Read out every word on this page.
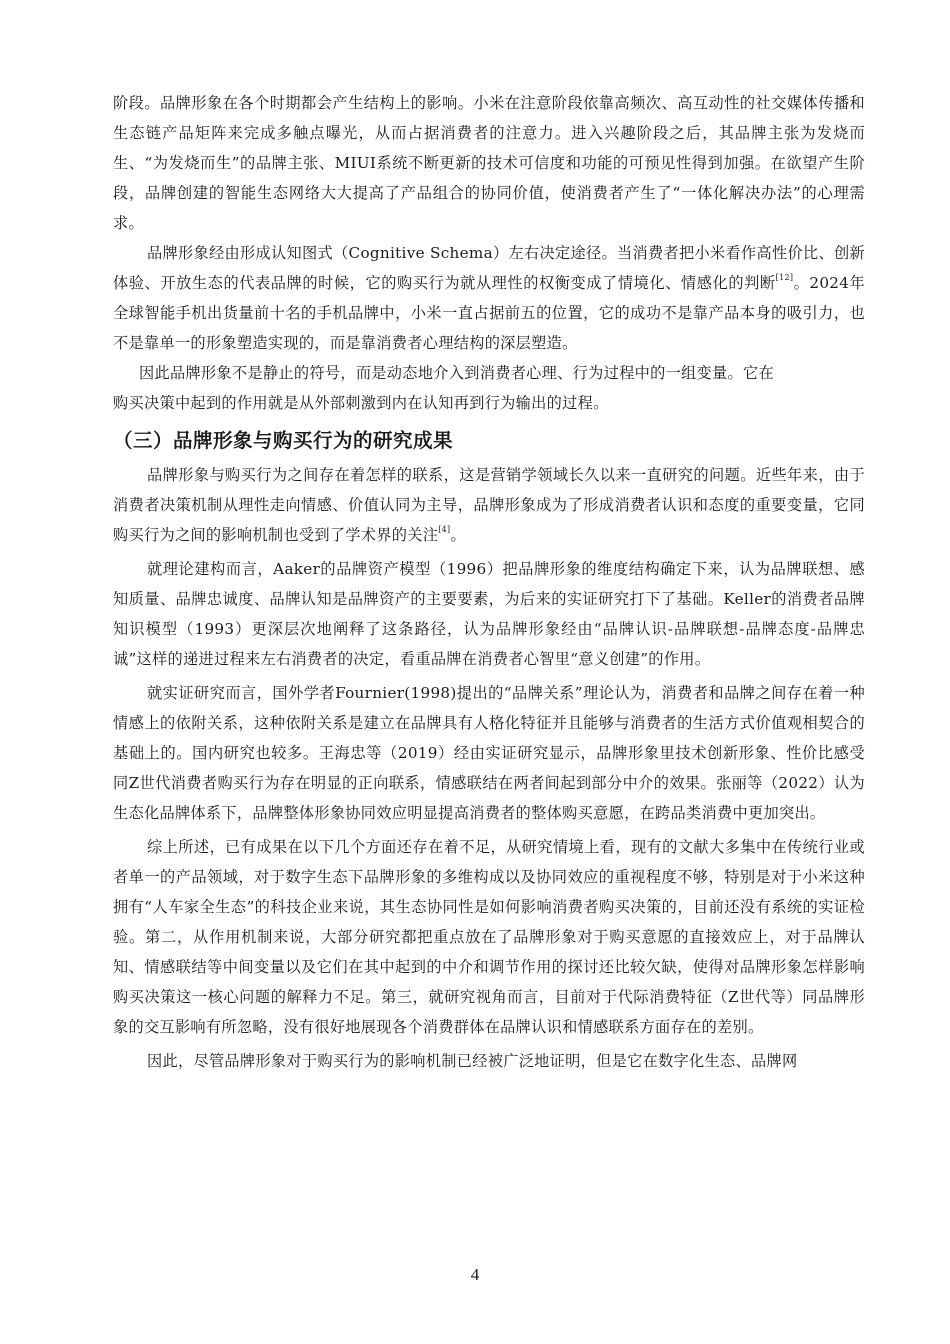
阶段。品牌形象在各个时期都会产生结构上的影响。小米在注意阶段依靠高频次、高互动性的社交媒体传播和生态链产品矩阵来完成多触点曝光，从而占据消费者的注意力。进入兴趣阶段之后，其品牌主张为发烧而生、“为发烧而生”的品牌主张、MIUI系统不断更新的技术可信度和功能的可预见性得到加强。在欲望产生阶段，品牌创建的智能生态网络大大提高了产品组合的协同价值，使消费者产生了“一体化解决办法”的心理需求。

品牌形象经由形成认知图式（Cognitive Schema）左右决定途径。当消费者把小米看作高性价比、创新体验、开放生态的代表品牌的时候，它的购买行为就从理性的权衡变成了情境化、情感化的判断[12]。2024年全球智能手机出货量前十名的手机品牌中，小米一直占据前五的位置，它的成功不是靠产品本身的吸引力，也不是靠单一的形象塑造实现的，而是靠消费者心理结构的深层塑造。

因此品牌形象不是静止的符号，而是动态地介入到消费者心理、行为过程中的一组变量。它在

购买决策中起到的作用就是从外部刺激到内在认知再到行为输出的过程。

（三）品牌形象与购买行为的研究成果

品牌形象与购买行为之间存在着怎样的联系，这是营销学领域长久以来一直研究的问题。近些年来，由于消费者决策机制从理性走向情感、价值认同为主导，品牌形象成为了形成消费者认识和态度的重要变量，它同购买行为之间的影响机制也受到了学术界的关注[4]。

就理论建构而言，Aaker的品牌资产模型（1996）把品牌形象的维度结构确定下来，认为品牌联想、感知质量、品牌忠诚度、品牌认知是品牌资产的主要要素，为后来的实证研究打下了基础。Keller的消费者品牌知识模型（1993）更深层次地阐释了这条路径，认为品牌形象经由“品牌认识-品牌联想-品牌态度-品牌忠诚”这样的递进过程来左右消费者的决定，看重品牌在消费者心智里“意义创建”的作用。

就实证研究而言，国外学者Fournier(1998)提出的“品牌关系”理论认为，消费者和品牌之间存在着一种情感上的依附关系，这种依附关系是建立在品牌具有人格化特征并且能够与消费者的生活方式价值观相契合的基础上的。国内研究也较多。王海忠等（2019）经由实证研究显示，品牌形象里技术创新形象、性价比感受同Z世代消费者购买行为存在明显的正向联系，情感联结在两者间起到部分中介的效果。张丽等（2022）认为生态化品牌体系下，品牌整体形象协同效应明显提高消费者的整体购买意愿，在跨品类消费中更加突出。

综上所述，已有成果在以下几个方面还存在着不足，从研究情境上看，现有的文献大多集中在传统行业或者单一的产品领域，对于数字生态下品牌形象的多维构成以及协同效应的重视程度不够，特别是对于小米这种拥有“人车家全生态”的科技企业来说，其生态协同性是如何影响消费者购买决策的，目前还没有系统的实证检验。第二，从作用机制来说，大部分研究都把重点放在了品牌形象对于购买意愿的直接效应上，对于品牌认知、情感联结等中间变量以及它们在其中起到的中介和调节作用的探讨还比较欠缺，使得对品牌形象怎样影响购买决策这一核心问题的解释力不足。第三，就研究视角而言，目前对于代际消费特征（Z世代等）同品牌形象的交互影响有所忽略，没有很好地展现各个消费群体在品牌认识和情感联系方面存在的差别。

因此，尽管品牌形象对于购买行为的影响机制已经被广泛地证明，但是它在数字化生态、品牌网

4
